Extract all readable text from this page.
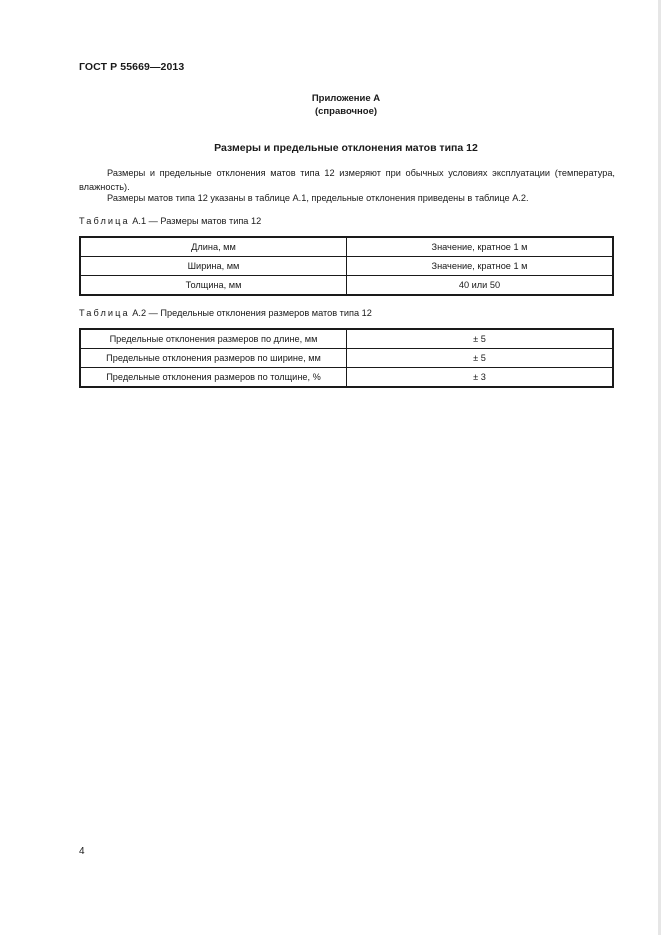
ГОСТ Р 55669—2013
Приложение А
(справочное)
Размеры и предельные отклонения матов типа 12
Размеры и предельные отклонения матов типа 12 измеряют при обычных условиях эксплуатации (температура, влажность).
Размеры матов типа 12 указаны в таблице А.1, предельные отклонения приведены в таблице А.2.
Таблица А.1 — Размеры матов типа 12
Длина, мм	Значение, кратное 1 м
Ширина, мм	Значение, кратное 1 м
Толщина, мм	40 или 50
Таблица А.2 — Предельные отклонения размеров матов типа 12
Предельные отклонения размеров по длине, мм	± 5
Предельные отклонения размеров по ширине, мм	± 5
Предельные отклонения размеров по толщине, %	± 3
4
